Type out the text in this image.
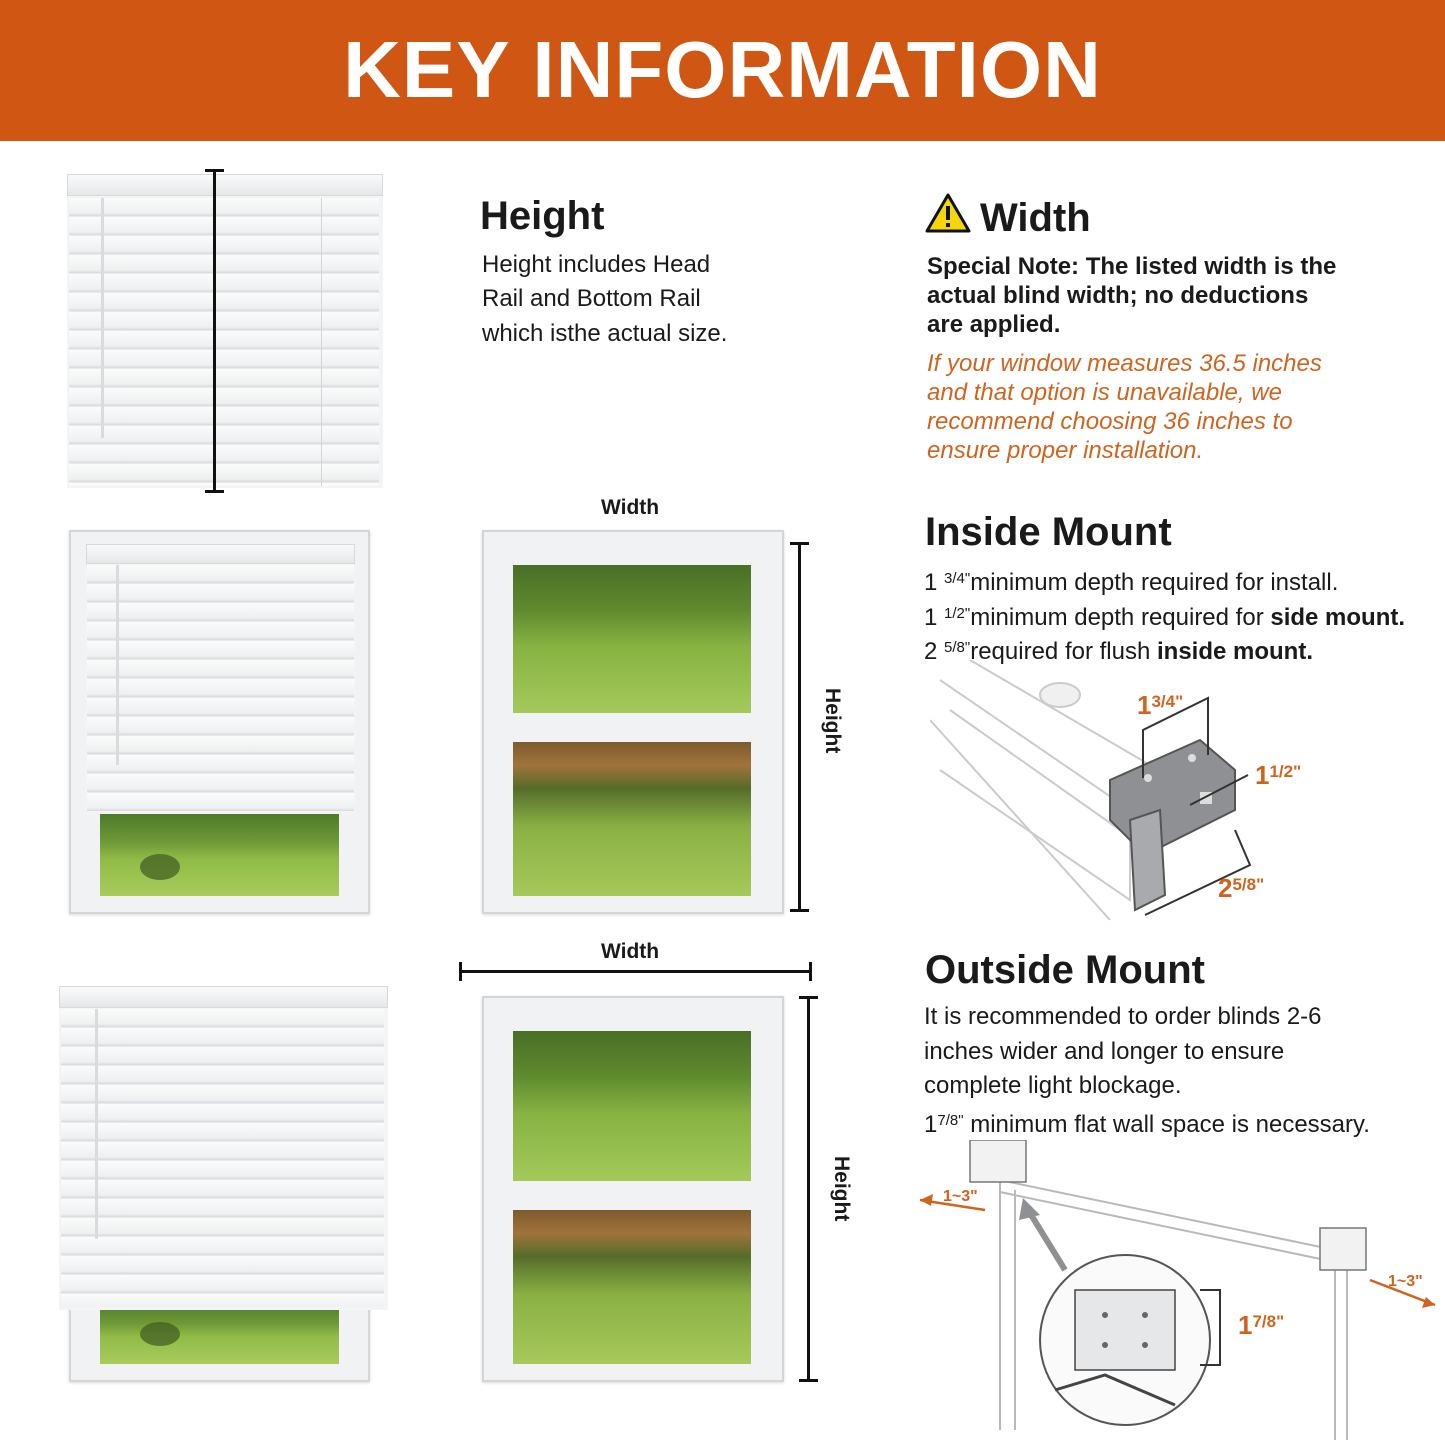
KEY INFORMATION
Height
Height includes Head
Rail and Bottom Rail
which isthe actual size.
Width
Special Note: The listed width is the
actual blind width; no deductions
are applied.
If your window measures 36.5 inches
and that option is unavailable, we
recommend choosing 36 inches to
ensure proper installation.
Width
Height
Inside Mount
1 $^{3/4"}$minimum depth required for install.
1 $^{1/2"}$minimum depth required for side mount.
2 $^{5/8"}$required for flush inside mount.
$1^{3/4"}$
$1^{1/2"}$
$2^{5/8"}$
Width
Height
Outside Mount
It is recommended to order blinds 2-6
inches wider and longer to ensure
complete light blockage.
$1^{7/8"}$ minimum flat wall space is necessary.
1~3"
1~3"
$1^{7/8"}$
